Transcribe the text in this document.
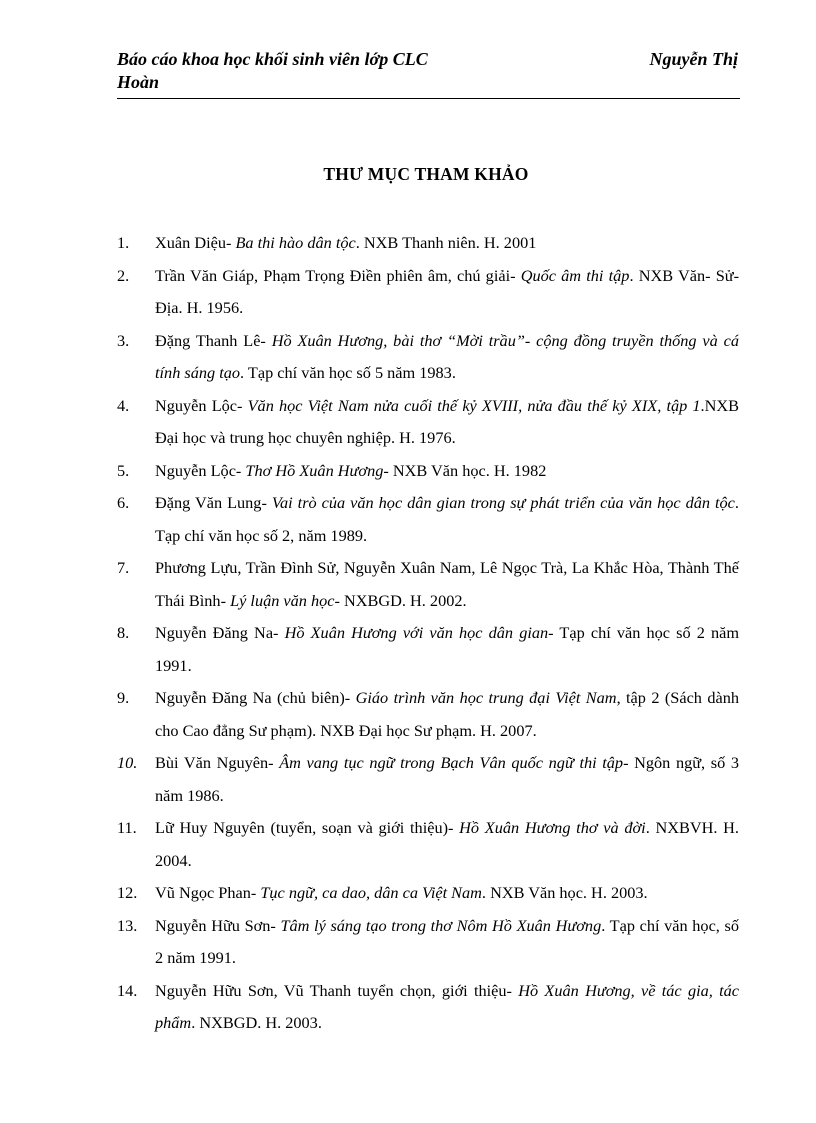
Báo cáo khoa học khối sinh viên lớp CLC
Hoàn
Nguyễn Thị
THƯ MỤC THAM KHẢO
1. Xuân Diệu- Ba thi hào dân tộc. NXB Thanh niên. H. 2001
2. Trần Văn Giáp, Phạm Trọng Điền phiên âm, chú giải- Quốc âm thi tập. NXB Văn- Sử- Địa. H. 1956.
3. Đặng Thanh Lê- Hồ Xuân Hương, bài thơ “Mời trầu”- cộng đồng truyền thống và cá tính sáng tạo. Tạp chí văn học số 5 năm 1983.
4. Nguyễn Lộc- Văn học Việt Nam nửa cuối thế kỷ XVIII, nửa đầu thế kỷ XIX, tập 1.NXB Đại học và trung học chuyên nghiệp. H. 1976.
5. Nguyễn Lộc- Thơ Hồ Xuân Hương- NXB Văn học. H. 1982
6. Đặng Văn Lung- Vai trò của văn học dân gian trong sự phát triển của văn học dân tộc. Tạp chí văn học số 2, năm 1989.
7. Phương Lựu, Trần Đình Sử, Nguyễn Xuân Nam, Lê Ngọc Trà, La Khắc Hòa, Thành Thế Thái Bình- Lý luận văn học- NXBGD. H. 2002.
8. Nguyễn Đăng Na- Hồ Xuân Hương với văn học dân gian- Tạp chí văn học số 2 năm 1991.
9. Nguyễn Đăng Na (chủ biên)- Giáo trình văn học trung đại Việt Nam, tập 2 (Sách dành cho Cao đẳng Sư phạm). NXB Đại học Sư phạm. H. 2007.
10. Bùi Văn Nguyên- Âm vang tục ngữ trong Bạch Vân quốc ngữ thi tập- Ngôn ngữ, số 3 năm 1986.
11. Lữ Huy Nguyên (tuyển, soạn và giới thiệu)- Hồ Xuân Hương thơ và đời. NXBVH. H. 2004.
12. Vũ Ngọc Phan- Tục ngữ, ca dao, dân ca Việt Nam. NXB Văn học. H. 2003.
13. Nguyễn Hữu Sơn- Tâm lý sáng tạo trong thơ Nôm Hồ Xuân Hương. Tạp chí văn học, số 2 năm 1991.
14. Nguyễn Hữu Sơn, Vũ Thanh tuyển chọn, giới thiệu- Hồ Xuân Hương, về tác gia, tác phẩm. NXBGD. H. 2003.
